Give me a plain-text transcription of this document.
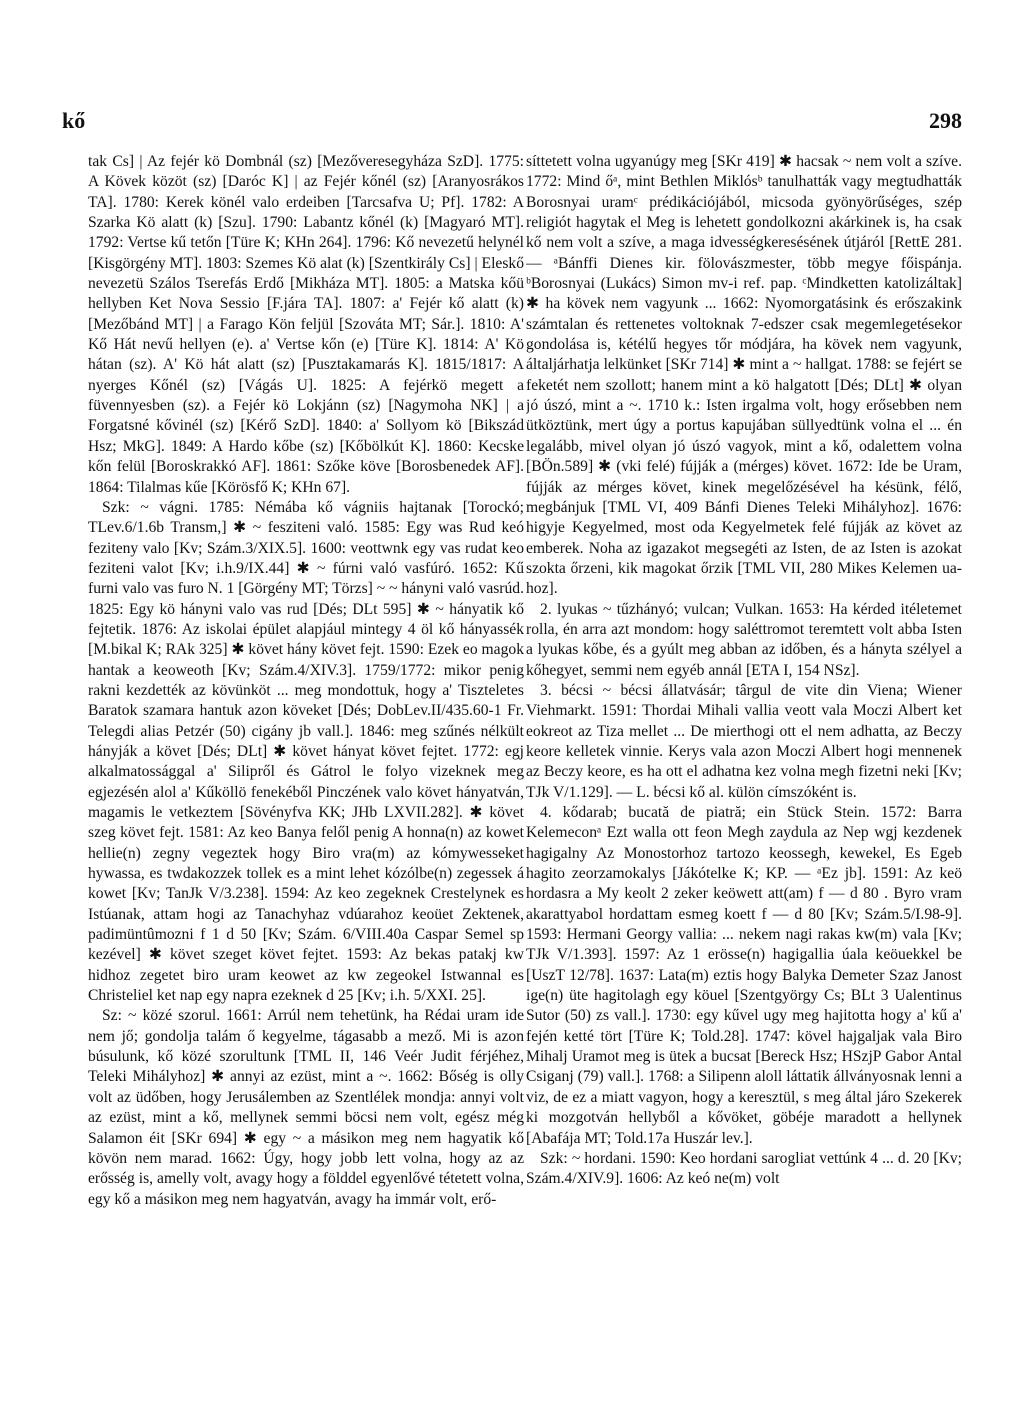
kő	298

tak Cs] | Az fejér kö Dombnál (sz) [Mezőveresegyháza SzD]. 1775: A Kövek közöt (sz) [Daróc K] | az Fejér kőnél (sz) [Aranyosrákos TA]. 1780: Kerek könél valo erdeiben [Tarcsafva U; Pf]. 1782: A Szarka Kö alatt (k) [Szu]. 1790: Labantz kőnél (k) [Magyaró MT]. 1792: Vertse kű tetőn [Türe K; KHn 264]. 1796: Kő nevezetű helynél [Kisgörgény MT]. 1803: Szemes Kö alat (k) [Szentkirály Cs] | Eleskő nevezetü Szálos Tserefás Erdő [Mikháza MT]. 1805: a Matska kőü hellyben Ket Nova Sessio [F.jára TA]. 1807: a' Fejér kő alatt (k) [Mezőbánd MT] | a Farago Kön feljül [Szováta MT; Sár.]. 1810: A' Kő Hát nevű hellyen (e). a' Vertse kőn (e) [Türe K]. 1814: A' Kö hátan (sz). A' Kö hát alatt (sz) [Pusztakamarás K]. 1815/1817: A nyerges Kőnél (sz) [Vágás U]. 1825: A fejérkö megett a füvennyesben (sz). a Fejér kö Lokjánn (sz) [Nagymoha NK] | a Forgatsné kővinél (sz) [Kérő SzD]. 1840: a' Sollyom kö [Bikszád Hsz; MkG]. 1849: A Hardo kőbe (sz) [Kőbölkút K]. 1860: Kecske kőn felül [Boroskrakkó AF]. 1861: Szőke köve [Borosbenedek AF]. 1864: Tilalmas kűe [Körösfő K; KHn 67].

Szk: ~ vágni. 1785: Némába kő vágniis hajtanak [Torockó; TLev.6/1.6b Transm,] ✱ ~ fesziteni való. 1585: Egy was Rud keó fezitenу valo [Kv; Szám.3/XIX.5]. 1600: veottwnk egy vas rudat keo feziteni valot [Kv; i.h.9/IX.44] ✱ ~ fúrni való vasfúró. 1652: Kű furni valo vas furo N. 1 [Görgény MT; Törzs] ~ ~ hányni való vasrúd. 1825: Egy kö hányni valo vas rud [Dés; DLt 595] ✱ ~ hányatik kő fejtetik. 1876: Az iskolai épület alapjául mintegy 4 öl kő hányassék [M.bikal K; RAk 325] ✱ követ hány követ fejt. 1590: Ezek eo magok hantak a keoweoth [Kv; Szám.4/XIV.3]. 1759/1772: mikor penig rakni kezdették az kövünköt ... meg mondottuk, hogy a' Tiszteletes Baratok szamara hantuk azon köveket [Dés; DobLev.II/435.60-1 Fr. Telegdi alias Petzér (50) cigány jb vall.]. 1846: meg szűnés nélkült hányják a követ [Dés; DLt] ✱ követ hányat követ fejtet. 1772: egj alkalmatossággal a' Silipről és Gátrol le folyo vizeknek meg egjezésén alol a' Kűköllö fenekéből Pinczének valo követ hányatván, magamis le vetkeztem [Sövényfva KK; JHb LXVII.282]. ✱ követ szeg követ fejt. 1581: Az keo Banya felől penig A honna(n) az kowet hellie(n) zegny vegeztek hogy Biro vra(m) az kómywesseket hywassa, es twdakozzek tollek es a mint lehet kózólbe(n) zegessek á kowet [Kv; TanJk V/3.238]. 1594: Az keo zegeknek Crestelynek es Istúanak, attam hogi az Tanachyhaz vdúarahoz keoüet Zektenek, padimüntûmozni f 1 d 50 [Kv; Szám. 6/VIII.40a Caspar Semel sp kezével] ✱ követ szeget követ fejtet. 1593: Az bekas patakj kw hidhoz zegetet biro uram keowet az kw zegeokel Istwannal es Christeliel ket nap egy napra ezeknek d 25 [Kv; i.h. 5/XXI. 25].

Sz: ~ közé szorul. 1661: Arrúl nem tehetünk, ha Rédai uram ide nem jő; gondolja talám ő kegyelme, tágasabb a mező. Mi is azon búsulunk, kő közé szorultunk [TML II, 146 Veér Judit férjéhez, Teleki Mihályhoz] ✱ annyi az ezüst, mint a ~. 1662: Bőség is olly volt az üdőben, hogy Jerusálemben az Szentlélek mondja: annyi volt az ezüst, mint a kő, mellynek semmi böcsi nem volt, egész még Salamon éit [SKr 694] ✱ egy ~ a másikon meg nem hagyatik kő kövön nem marad. 1662: Úgy, hogy jobb lett volna, hogy az az erősség is, amelly volt, avagy hogy a földdel egyenlővé tétetett volna, egy kő a másikon meg nem hagyatván, avagy ha immár volt, erő-

síttetett volna ugyanúgy meg [SKr 419] ✱ hacsak ~ nem volt a szíve. 1772: Mind őᵃ, mint Bethlen Miklósᵇ tanulhatták vagy megtudhatták Borosnyai uramᶜ prédikációjából, micsoda gyönyörűséges, szép religiót hagytak el Meg is lehetett gondolkozni akárkinek is, ha csak kő nem volt a szíve, a maga idvességkeresésének útjáról [RettE 281. — ᵃBánffi Dienes kir. fölovászmester, több megye főispánja. ᵇBorosnyai (Lukács) Simon mv-i ref. pap. ᶜMindketten katolizáltak] ✱ ha kövek nem vagyunk ... 1662: Nyomorgatásink és erőszakink számtalan és rettenetes voltoknak 7-edszer csak megemlegetésekor gondolása is, kétélű hegyes tőr módjára, ha kövek nem vagyunk, általjárhatja lelkünket [SKr 714] ✱ mint a ~ hallgat. 1788: se fejért se feketét nem szollott; hanem mint a kö halgatott [Dés; DLt] ✱ olyan jó úszó, mint a ~. 1710 k.: Isten irgalma volt, hogy erősebben nem ütköztünk, mert úgy a portus kapujában süllyedtünk volna el ... én legalább, mivel olyan jó úszó vagyok, mint a kő, odalettem volna [BÖn.589] ✱ (vki felé) fújják a (mérges) követ. 1672: Ide be Uram, fújják az mérges követ, kinek megelőzésével ha késünk, félő, megbánjuk [TML VI, 409 Bánfi Dienes Teleki Mihályhoz]. 1676: higyje Kegyelmed, most oda Kegyelmetek felé fújják az követ az emberek. Noha az igazakot megsegéti az Isten, de az Isten is azokat szokta őrzeni, kik magokat őrzik [TML VII, 280 Mikes Kelemen ua-hoz].

2. lyukas ~ tűzhányó; vulcan; Vulkan. 1653: Ha kérded itéletemet rolla, én arra azt mondom: hogy saléttromot teremtett volt abba Isten a lyukas kőbe, és a gyúlt meg abban az időben, és a hányta szélyel a kőhegyet, semmi nem egyéb annál [ETA I, 154 NSz].

3. bécsi ~ bécsi állatvásár; târgul de vite din Viena; Wiener Viehmarkt. 1591: Thordai Mihali vallia veott vala Moczi Albert ket eokreot az Tiza mellet ... De mierthogi ott el nem adhatta, az Beczy keore kelletek vinnie. Kerys vala azon Moczi Albert hogi mennenek az Beczy keore, es ha ott el adhatna kez volna megh fizetni neki [Kv; TJk V/1.129]. — L. bécsi kő al. külön címszóként is.

4. kődarab; bucată de piatră; ein Stück Stein. 1572: Barra Kelemeconᵃ Ezt walla ott feon Megh zaydula az Nep wgj kezdenek hagigalny Az Monostorhoz tartozo keossegh, kewekel, Es Egeb hagito zeorzamokalys [Jákótelke K; KP. — ᵃEz jb]. 1591: Az keö hordasra a My keolt 2 zeker keöwett att(am) f — d 80 . Byro vram akarattyabol hordattam esmeg koett f — d 80 [Kv; Szám.5/I.98-9]. 1593: Hermani Georgy vallia: ... nekem nagi rakas kw(m) vala [Kv; TJk V/1.393]. 1597: Az 1 erösse(n) hagigallia úala keöuekkel be [UszT 12/78]. 1637: Lata(m) eztis hogy Balyka Demeter Szaz Janost ige(n) üte hagitolagh egy köuel [Szentgyörgy Cs; BLt 3 Ualentinus Sutor (50) zs vall.]. 1730: egy kűvel ugy meg hajitotta hogy a' kű a' fején ketté tört [Türe K; Told.28]. 1747: kövel hajgaljak vala Biro Mihalj Uramot meg is ütek a bucsat [Bereck Hsz; HSzjP Gabor Antal Csiganj (79) vall.]. 1768: a Silipenn aloll láttatik állványosnak lenni a viz, de ez a miatt vagyon, hogy a keresztül, s meg által járo Szekerek ki mozgotván hellyből a kővöket, göbéje maradott a hellynek [Abafája MT; Told.17a Huszár lev.].

Szk: ~ hordani. 1590: Keo hordani sarogliat vettúnk 4 ... d. 20 [Kv; Szám.4/XIV.9]. 1606: Az keó ne(m) volt
